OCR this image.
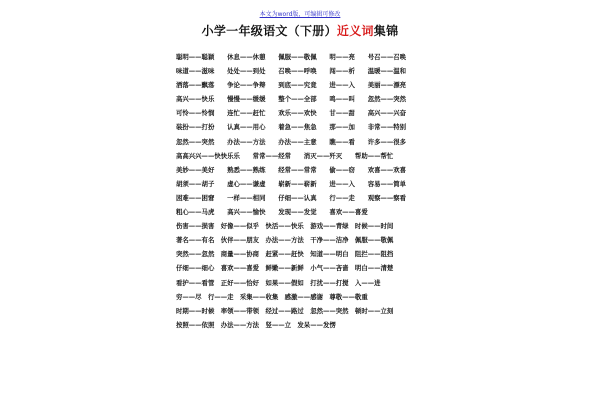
本文为word版，可编辑可修改
小学一年级语文（下册）近义词集锦
聪明——聪颖　　休息——休憩　　佩服——敬佩　　明——亮　　号召——召唤
味道——滋味　　处处——到处　　召唤——呼唤　　闯——析　　温暖——温和
洒落——飘落　　争论——争辩　　到底——究竟　　进——入　　美丽——漂亮
高兴——快乐　　慢慢——缓缓　　整个——全部　　鸣——叫　　忽然——突然
可怜——怜悯　　连忙——赶忙　　欢乐——欢快　　甘——甜　　高兴——兴奋
装扮——打扮　　认真——用心　　着急——焦急　　那——加　　非常——特别
忽然——突然　　办法——方法　　办法——主意　　瞧——看　　许多——很多
高高兴兴——快快乐乐　　常常——经常　　消灭——歼灭　　帮助——帮忙
美妙——美好　　熟悉——熟练　　经常——常常　　偷——窃　　欢喜——欢喜
胡须——胡子　　虚心——谦虚　　崭新——崭新　　进——入　　容易——简单
困难——困窘　　一样——相同　　仔细——认真　　行——走　　观察——察看
粗心——马虎　　高兴——愉快　　发现——发觉　　喜欢——喜爱
伤害——损害　好像——似乎　快活——快乐　游戏——青绿　时候——时间
著名——有名　伙伴——朋友　办法——方法　干净——洁净　佩服——敬佩
突然——忽然　商量——协商　赶紧——赶快　知道——明白　阻拦——阻挡
仔细——细心　喜欢——喜爱　鲜嫩——新鲜　小气——吝啬　明白——清楚
看护——看管　正好——恰好　如果——假如　打扰——打搅　入——进
穷——尽　行——走　采集——收集　感激——感谢　尊敬——敬重
时期——时候　率领——带领　经过——路过　忽然——突然　顿时——立刻
按照——依照　办法——方法　竖——立　发呆——发愣
